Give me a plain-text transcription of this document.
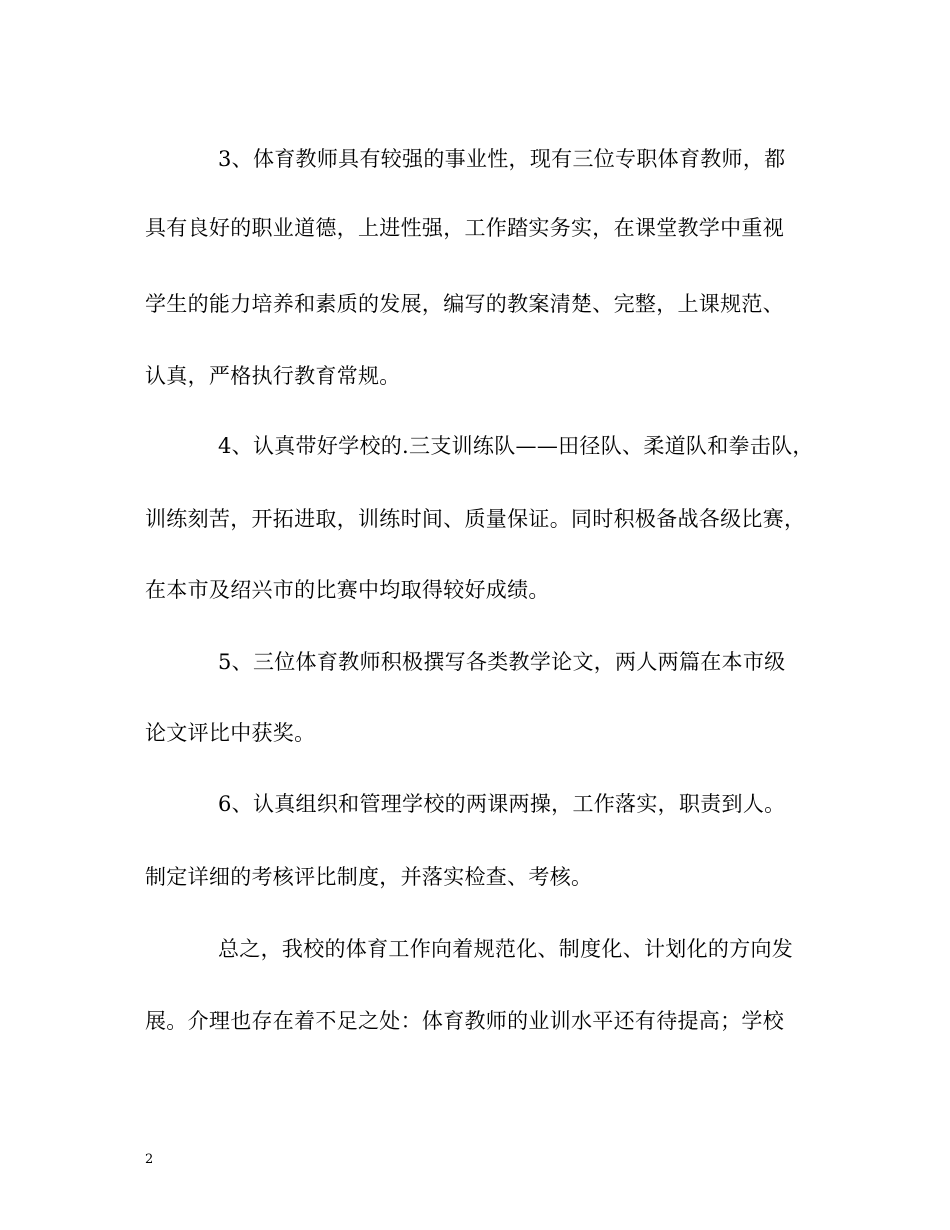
3、体育教师具有较强的事业性，现有三位专职体育教师，都
具有良好的职业道德，上进性强，工作踏实务实，在课堂教学中重视
学生的能力培养和素质的发展，编写的教案清楚、完整，上课规范、
认真，严格执行教育常规。
4、认真带好学校的.三支训练队——田径队、柔道队和拳击队，
训练刻苦，开拓进取，训练时间、质量保证。同时积极备战各级比赛，
在本市及绍兴市的比赛中均取得较好成绩。
5、三位体育教师积极撰写各类教学论文，两人两篇在本市级
论文评比中获奖。
6、认真组织和管理学校的两课两操，工作落实，职责到人。
制定详细的考核评比制度，并落实检查、考核。
总之，我校的体育工作向着规范化、制度化、计划化的方向发
展。介理也存在着不足之处：体育教师的业训水平还有待提高；学校
2
